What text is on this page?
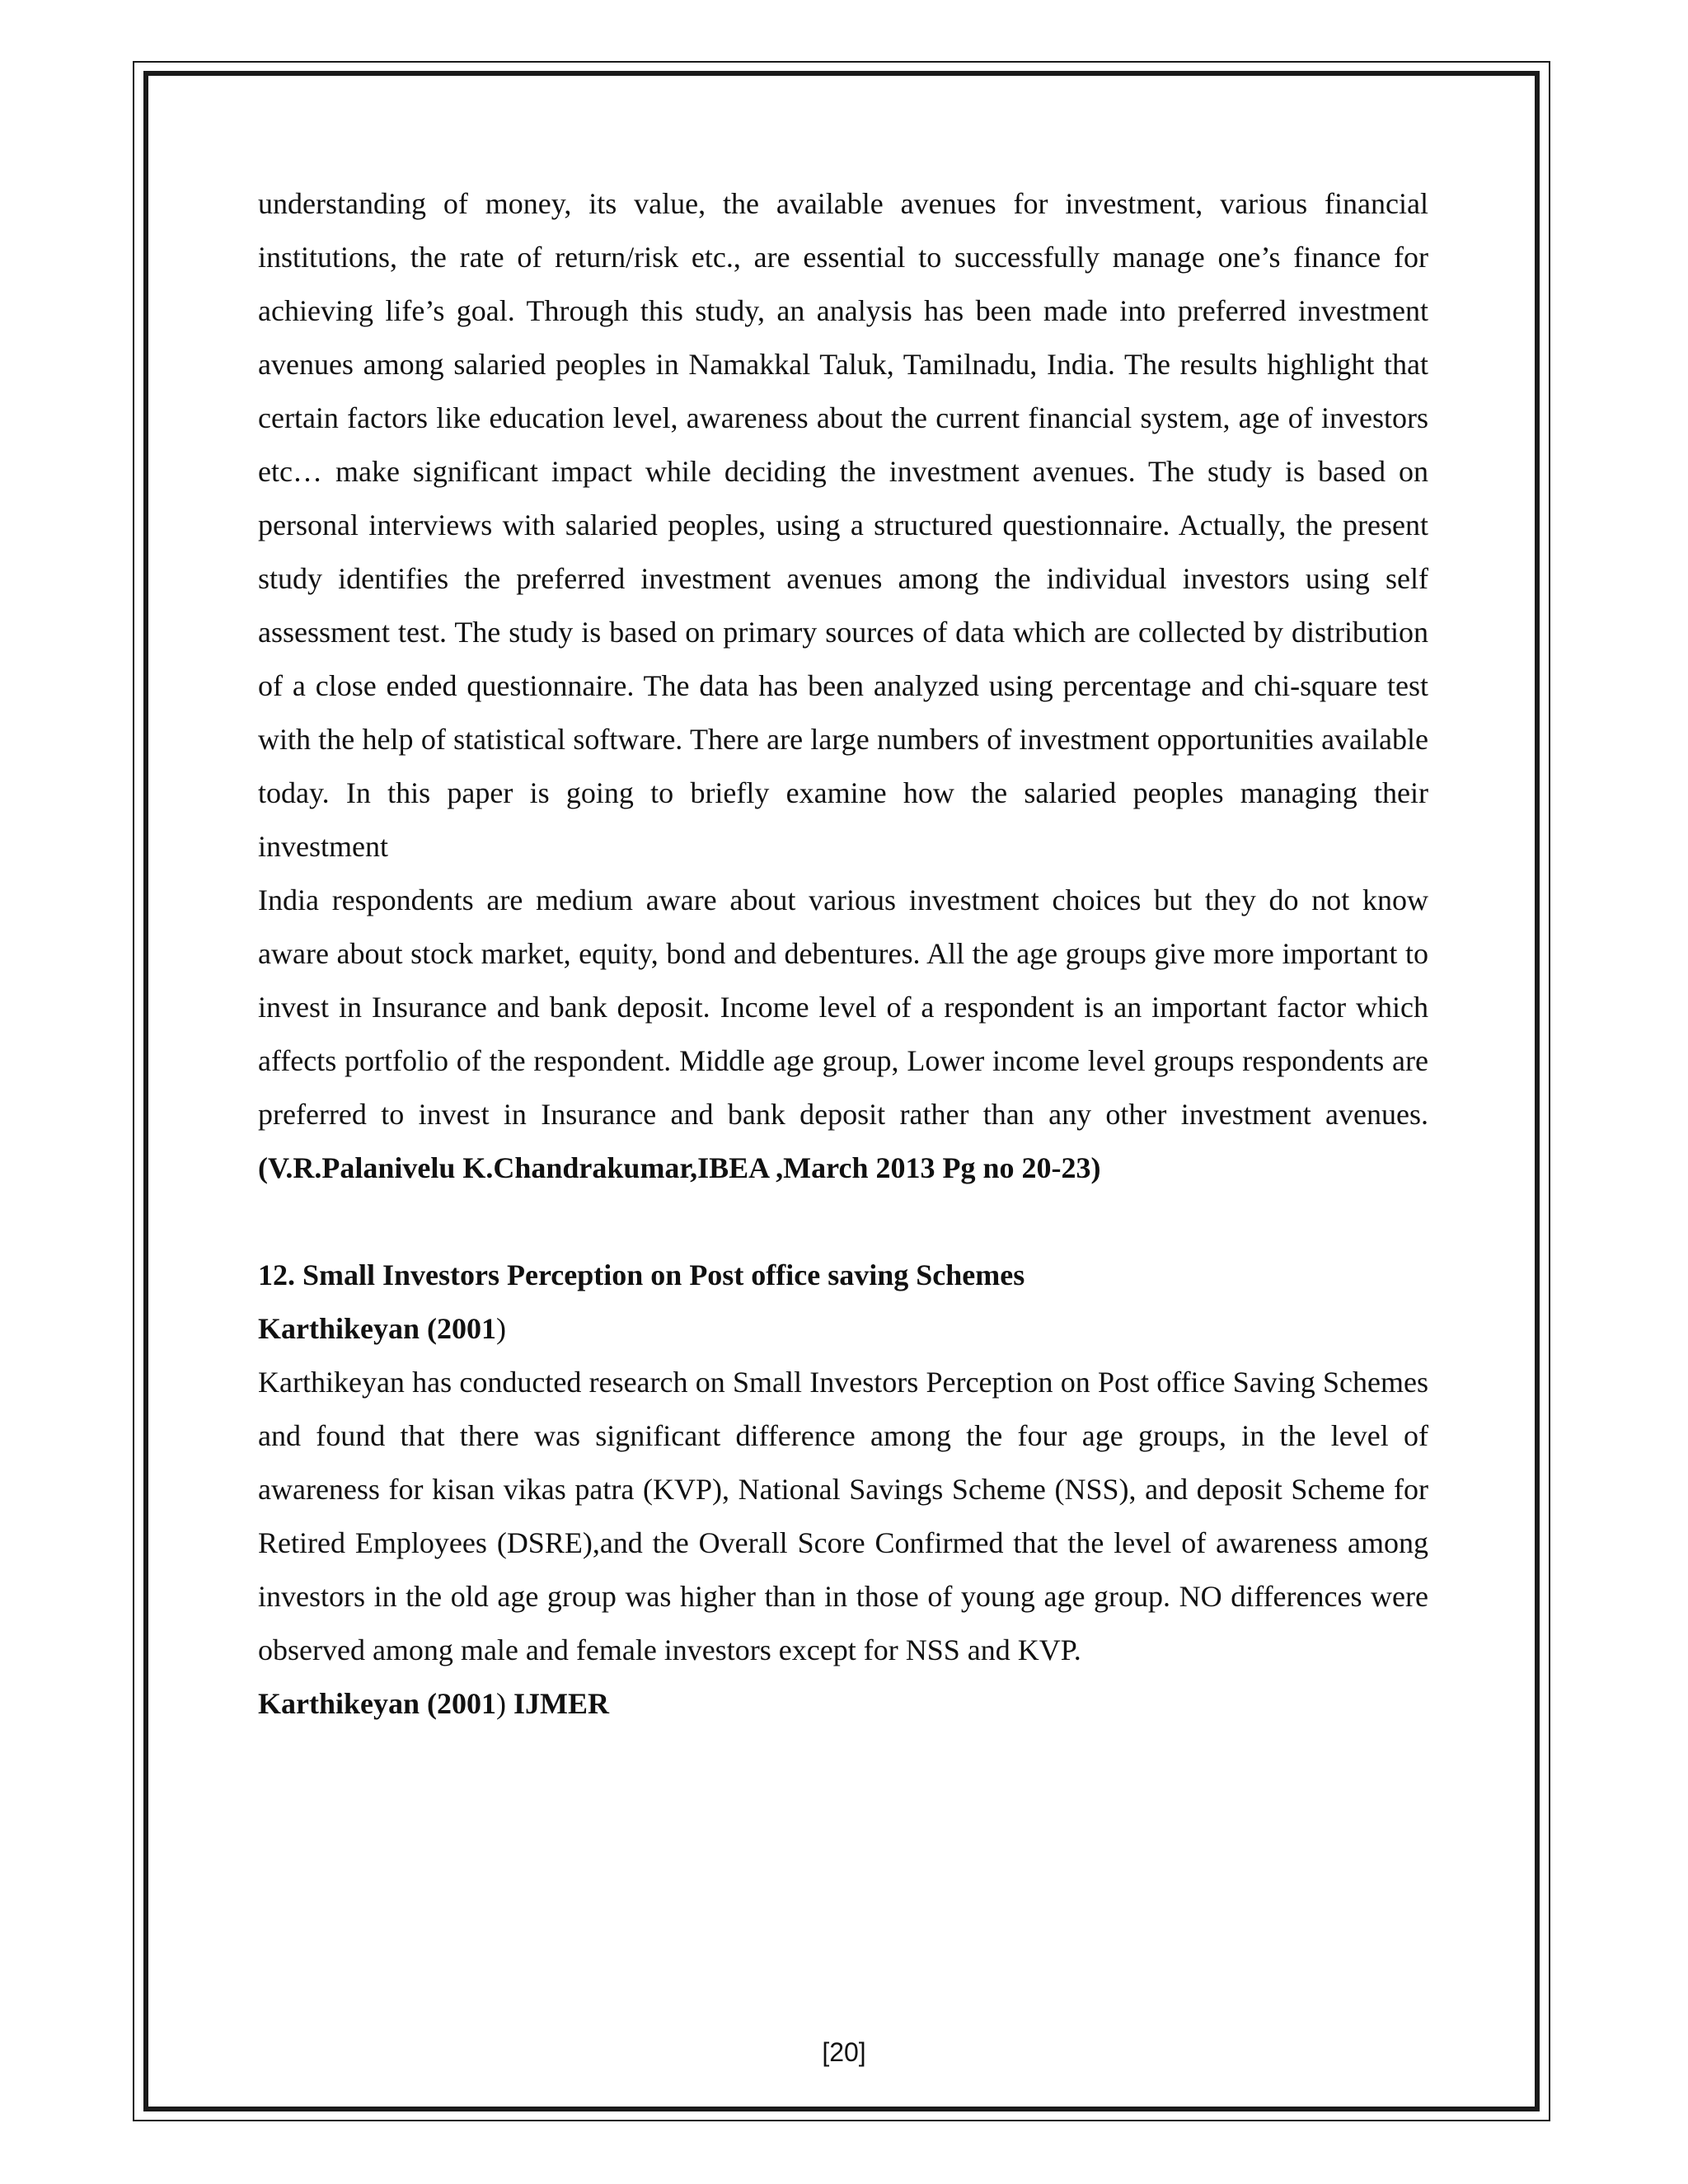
understanding of money, its value, the available avenues for investment, various financial institutions, the rate of return/risk etc., are essential to successfully manage one’s finance for achieving life’s goal. Through this study, an analysis has been made into preferred investment avenues among salaried peoples in Namakkal Taluk, Tamilnadu, India. The results highlight that certain factors like education level, awareness about the current financial system, age of investors etc… make significant impact while deciding the investment avenues. The study is based on personal interviews with salaried peoples, using a structured questionnaire. Actually, the present study identifies the preferred investment avenues among the individual investors using self assessment test. The study is based on primary sources of data which are collected by distribution of a close ended questionnaire. The data has been analyzed using percentage and chi-square test with the help of statistical software. There are large numbers of investment opportunities available today. In this paper is going to briefly examine how the salaried peoples managing their investment

India respondents are medium aware about various investment choices but they do not know aware about stock market, equity, bond and debentures. All the age groups give more important to invest in Insurance and bank deposit. Income level of a respondent is an important factor which affects portfolio of the respondent. Middle age group, Lower income level groups respondents are preferred to invest in Insurance and bank deposit rather than any other investment avenues. (V.R.Palanivelu K.Chandrakumar,IBEA ,March 2013 Pg no 20-23)

12. Small Investors Perception on Post office saving Schemes

Karthikeyan (2001)

Karthikeyan has conducted research on Small Investors Perception on Post office Saving Schemes and found that there was significant difference among the four age groups, in the level of awareness for kisan vikas patra (KVP), National Savings Scheme (NSS), and deposit Scheme for Retired Employees (DSRE),and the Overall Score Confirmed that the level of awareness among investors in the old age group was higher than in those of young age group. NO differences were observed among male and female investors except for NSS and KVP.

Karthikeyan (2001) IJMER

[20]
